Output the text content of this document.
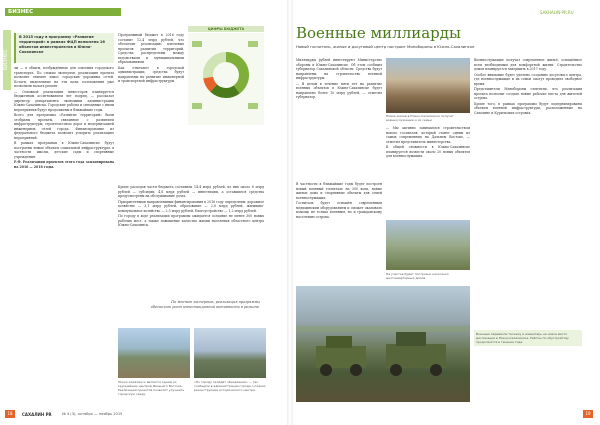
БИЗНЕС	SAKHALIN-PR.RU
БИЗНЕС
В 2015 году в программу «Развитие территорий» в рамках ФЦП включено 16 объектов инвестпроектов в Южно-Сахалинске

ли — в общем, возбуждённых для освоения городского транспорта. По словам экспертов, реализация проекта позволит снизить износ городских дорожных сетей. Кстати, выделенные на эти цели госвложения уже позволили начать ремонт.

— Основной реализации инвесторов планируется бюджетным ассигнованием лет подряд, — рассказал директор департамента экономики администрации Южно-Сахалинска. Городские работы и связанные с ними мероприятия будут продолжены в ближайшие годы.

Всего для программы «Развитие территорий» были отобраны проекты, связанные с развитием инфраструктуры, строительством дорог и модернизацией инженерных сетей города. Финансирование из федерального бюджета позволит ускорить реализацию мероприятий.

В рамках программы в Южно-Сахалинске будут построены новые объекты социальной инфраструктуры, в частности школы, детские сады и спортивные учреждения.

Р.Ф. Реализация проектов этого года запланирована на 2016 — 2018 годы.

Программный бюджет в 2016 году составит 12,4 млрд рублей, что обеспечит реализацию ключевых проектов развития территорий. Средства распределены между ведомствами и муниципальными образованиями.

Как отмечают в городской администрации, средства будут направлены на развитие инженерной и транспортной инфраструктуры.

ЦИФРЫ БЮДЖЕТА

Кроме расходов части бюджета составили 14,4 млрд рублей, из них около 6 млрд рублей — субсидии, 4,8 млрд рублей — инвестиции, а оставшиеся средства предусмотрены на обслуживание долга.

Приоритетными направлениями финансирования в 2016 году определены: дорожное хозяйство — 3,1 млрд рублей, образование — 2,8 млрд рублей, жилищно-коммунальное хозяйство — 2,5 млрд рублей, благоустройство — 1,2 млрд рублей.

По городу в ходе реализации программы ожидается создание не менее 300 новых рабочих мест, а также повышение качества жизни населения областного центра Южно-Сахалинск.

По мнению экспертов, реализация программы обеспечит рост инвестиционной активности в регионе.
Южно-Сахалинск является одним из крупнейших центров Дальнего Востока. Реализация проектов позволит улучшить городскую среду.
«По городу пройдёт обновление» — так сообщили в администрации города о планах реконструкции исторического центра.
18	САХАЛИН PR	№ 4 (3), октябрь — ноябрь 2015
Военные миллиарды
Новый госпиталь, жилые и досуговый центр построит Минобороны в Южно-Сахалинске

Миллиарды рублей инвестируют Министерство обороны в Южно-Сахалинске. Об этом сообщил губернатор Сахалинской области. Средства будут направлены на строительство военной инфраструктуры.

— В целом в течение пяти лет на развитие военных объектов в Южно-Сахалинске будет направлено более 10 млрд рублей, — отметил губернатор.

Новое жильё в Южно-Сахалинске получат военнослужащие и их семьи

— Мы активно занимаемся строительством нового госпиталя, который станет одним из самых современных на Дальнем Востоке, — отметил представитель министерства.

В общей сложности в Южно-Сахалинске планируется возвести около 20 новых объектов для военнослужащих.

В частности в ближайшие годы будет построен новый военный госпиталь на 300 коек, новые жилые дома и спортивные объекты для семей военнослужащих.

Госпиталь будет оснащён современным медицинским оборудованием и сможет оказывать помощь не только военным, но и гражданскому населению острова.

На участке будет построено несколько многоквартирных домов

Военнослужащие получат современное жильё, оснащённое всем необходимым для комфортной жизни. Строительство домов планируется завершить в 2017 году.

Особое внимание будет уделено созданию досугового центра, где военнослужащие и их семьи смогут проводить свободное время.

Представители Минобороны отметили, что реализация проекта позволит создать новые рабочие места для жителей острова.

Кроме того, в рамках программы будут модернизированы объекты военной инфраструктуры, расположенные на Сахалине и Курильских островах.

Военные перевезли технику и инвентарь на новое место дислокации в Южно-Сахалинске. Работы по обустройству продолжатся в течение года.
19
